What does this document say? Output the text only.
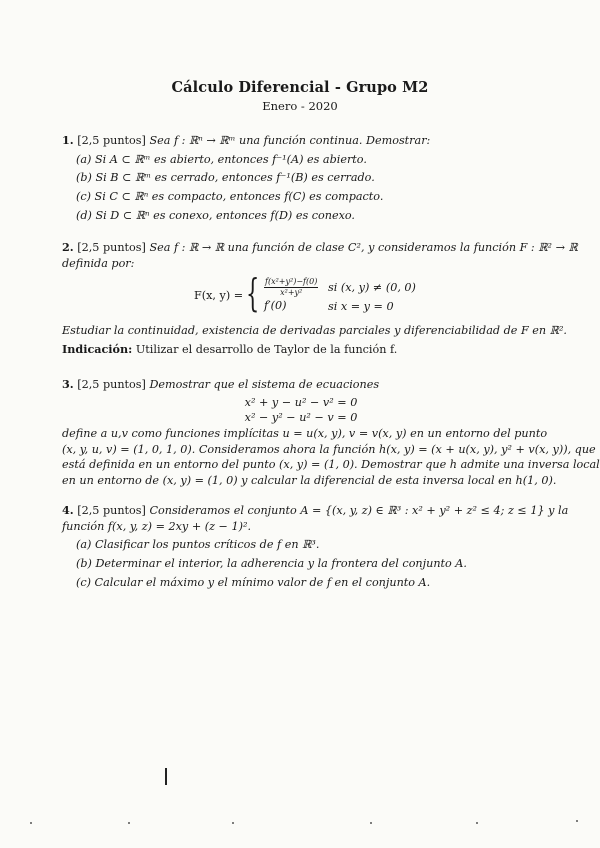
Cálculo Diferencial - Grupo M2
Enero - 2020
1. [2,5 puntos] Sea f : ℝⁿ → ℝᵐ una función continua. Demostrar:
(a) Si A ⊂ ℝᵐ es abierto, entonces f⁻¹(A) es abierto.
(b) Si B ⊂ ℝᵐ es cerrado, entonces f⁻¹(B) es cerrado.
(c) Si C ⊂ ℝⁿ es compacto, entonces f(C) es compacto.
(d) Si D ⊂ ℝⁿ es conexo, entonces f(D) es conexo.
2. [2,5 puntos] Sea f : ℝ → ℝ una función de clase C², y consideramos la función F : ℝ² → ℝ
definida por:
F(x, y) = { $\frac{\text{f(x²+y²)−f(0)}}{\text{x²+y²}}$ si (x, y) ≠ (0, 0)
f′(0)	si x = y = 0
Estudiar la continuidad, existencia de derivadas parciales y diferenciabilidad de F en ℝ².
Indicación: Utilizar el desarrollo de Taylor de la función f.
3. [2,5 puntos] Demostrar que el sistema de ecuaciones
x² + y − u² − v² = 0
x² − y² − u² − v = 0
define a u,v como funciones implícitas u = u(x, y), v = v(x, y) en un entorno del punto
(x, y, u, v) = (1, 0, 1, 0). Consideramos ahora la función h(x, y) = (x + u(x, y), y² + v(x, y)), que
está definida en un entorno del punto (x, y) = (1, 0). Demostrar que h admite una inversa local
en un entorno de (x, y) = (1, 0) y calcular la diferencial de esta inversa local en h(1, 0).
4. [2,5 puntos] Consideramos el conjunto A = {(x, y, z) ∈ ℝ³ : x² + y² + z² ≤ 4; z ≤ 1} y la
función f(x, y, z) = 2xy + (z − 1)².
(a) Clasificar los puntos críticos de f en ℝ³.
(b) Determinar el interior, la adherencia y la frontera del conjunto A.
(c) Calcular el máximo y el mínimo valor de f en el conjunto A.
